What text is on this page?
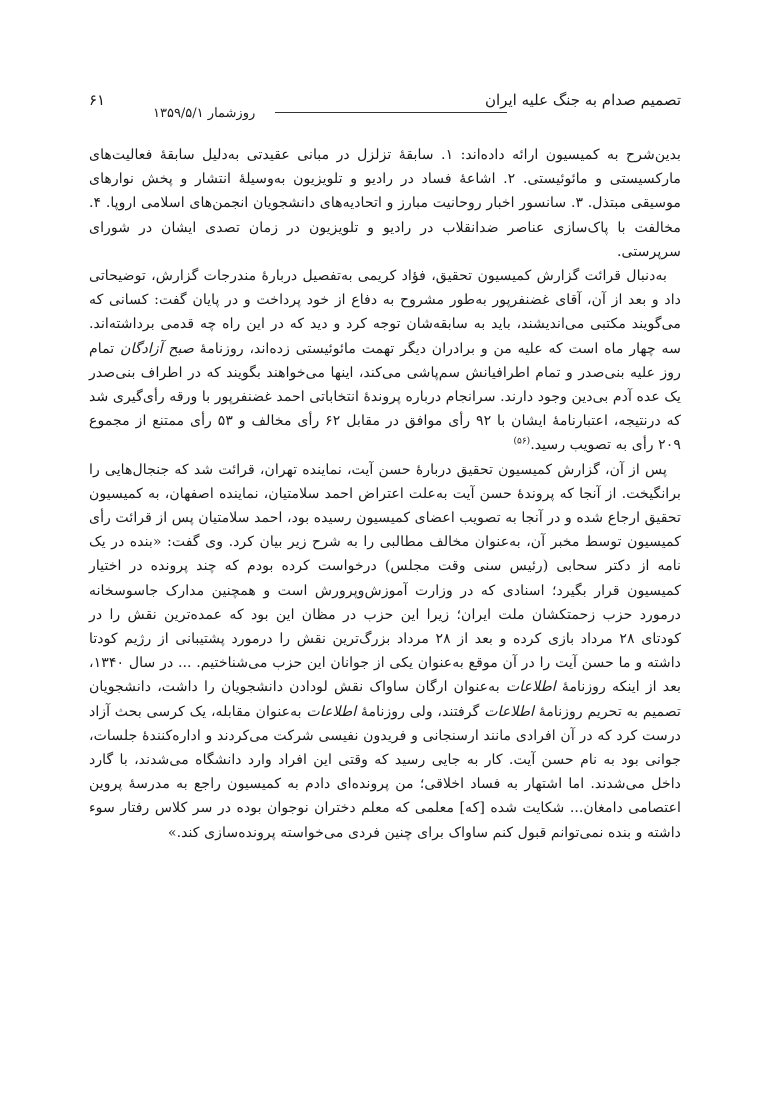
تصمیم صدام به جنگ علیه ایران
روزشمار ۱۳۵۹/۵/۱
۶۱

بدین‌شرح به کمیسیون ارائه داده‌اند: ۱. سابقهٔ تزلزل در مبانی عقیدتی به‌دلیل سابقهٔ فعالیت‌های مارکسیستی و مائوئیستی. ۲. اشاعهٔ فساد در رادیو و تلویزیون به‌وسیلهٔ انتشار و پخش نوارهای موسیقی مبتذل. ۳. سانسور اخبار روحانیت مبارز و اتحادیه‌های دانشجویان انجمن‌های اسلامی اروپا. ۴. مخالفت با پاک‌سازی عناصر ضدانقلاب در رادیو و تلویزیون در زمان تصدی ایشان در شورای سرپرستی.

به‌دنبال قرائت گزارش کمیسیون تحقیق، فؤاد کریمی به‌تفصیل دربارهٔ مندرجات گزارش، توضیحاتی داد و بعد از آن، آقای غضنفرپور به‌طور مشروح به دفاع از خود پرداخت و در پایان گفت: کسانی که می‌گویند مکتبی می‌اندیشند، باید به سابقه‌شان توجه کرد و دید که در این راه چه قدمی برداشته‌اند. سه چهار ماه است که علیه من و برادران دیگر تهمت مائوئیستی زده‌اند، روزنامهٔ صبح آزادگان تمام روز علیه بنی‌صدر و تمام اطرافیانش سم‌پاشی می‌کند، اینها می‌خواهند بگویند که در اطراف بنی‌صدر یک عده آدم بی‌دین وجود دارند. سرانجام درباره پروندهٔ انتخاباتی احمد غضنفرپور با ورقه رأی‌گیری شد که درنتیجه، اعتبارنامهٔ ایشان با ۹۲ رأی موافق در مقابل ۶۲ رأی مخالف و ۵۳ رأی ممتنع از مجموع ۲۰۹ رأی به تصویب رسید.$^{(۵۶)}$

پس از آن، گزارش کمیسیون تحقیق دربارهٔ حسن آیت، نماینده تهران، قرائت شد که جنجال‌هایی را برانگیخت. از آنجا که پروندهٔ حسن آیت به‌علت اعتراض احمد سلامتیان، نماینده اصفهان، به کمیسیون تحقیق ارجاع شده و در آنجا به تصویب اعضای کمیسیون رسیده بود، احمد سلامتیان پس از قرائت رأی کمیسیون توسط مخبر آن، به‌عنوان مخالف مطالبی را به شرح زیر بیان کرد. وی گفت: «بنده در یک نامه از دکتر سحابی (رئیس سنی وقت مجلس) درخواست کرده بودم که چند پرونده در اختیار کمیسیون قرار بگیرد؛ اسنادی که در وزارت آموزش‌وپرورش است و همچنین مدارک جاسوسخانه درمورد حزب زحمتکشان ملت ایران؛ زیرا این حزب در مظان این بود که عمده‌ترین نقش را در کودتای ۲۸ مرداد بازی کرده و بعد از ۲۸ مرداد بزرگ‌ترین نقش را درمورد پشتیبانی از رژیم کودتا داشته و ما حسن آیت را در آن موقع به‌عنوان یکی از جوانان این حزب می‌شناختیم. ... در سال ۱۳۴۰، بعد از اینکه روزنامهٔ اطلاعات به‌عنوان ارگان ساواک نقش لودادن دانشجویان را داشت، دانشجویان تصمیم به تحریم روزنامهٔ اطلاعات گرفتند، ولی روزنامهٔ اطلاعات به‌عنوان مقابله، یک کرسی بحث آزاد درست کرد که در آن افرادی مانند ارسنجانی و فریدون نفیسی شرکت می‌کردند و اداره‌کنندهٔ جلسات، جوانی بود به نام حسن آیت. کار به جایی رسید که وقتی این افراد وارد دانشگاه می‌شدند، با گارد داخل می‌شدند. اما اشتهار به فساد اخلاقی؛ من پرونده‌ای دادم به کمیسیون راجع به مدرسهٔ پروین اعتصامی دامغان... شکایت شده [که] معلمی که معلم دختران نوجوان بوده در سر کلاس رفتار سوء داشته و بنده نمی‌توانم قبول کنم ساواک برای چنین فردی می‌خواسته پرونده‌سازی کند.»
